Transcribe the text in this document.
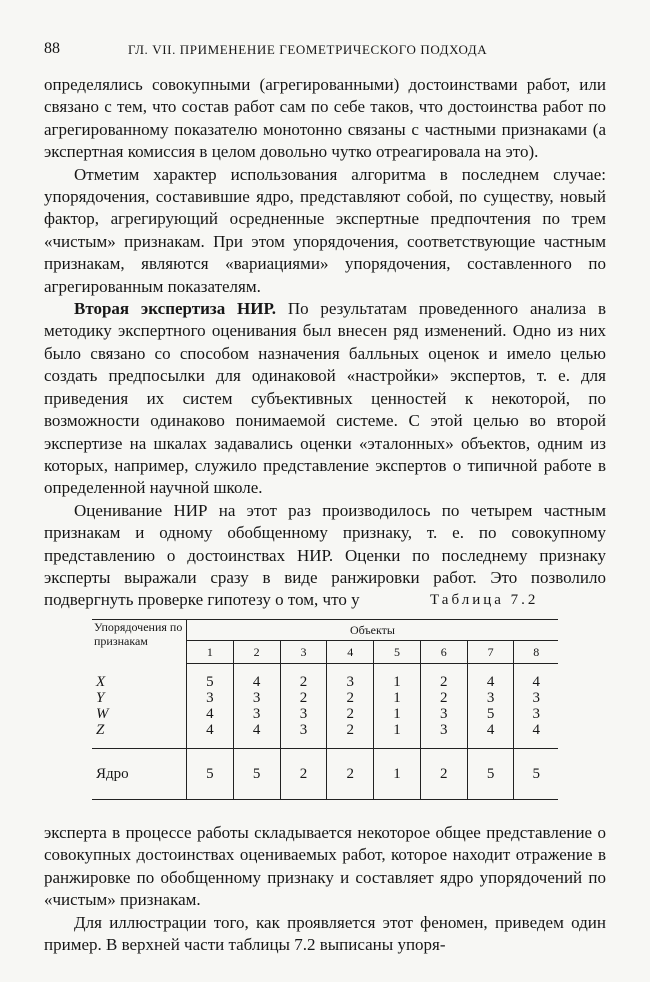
88	ГЛ. VII. ПРИМЕНЕНИЕ ГЕОМЕТРИЧЕСКОГО ПОДХОДА

определялись совокупными (агрегированными) достоинствами работ, или связано с тем, что состав работ сам по себе таков, что достоинства работ по агрегированному показателю монотонно связаны с частными признаками (а экспертная комиссия в целом довольно чутко отреагировала на это).

Отметим характер использования алгоритма в последнем случае: упорядочения, составившие ядро, представляют собой, по существу, новый фактор, агрегирующий осредненные экспертные предпочтения по трем «чистым» признакам. При этом упорядочения, соответствующие частным признакам, являются «вариациями» упорядочения, составленного по агрегированным показателям.

Вторая экспертиза НИР. По результатам проведенного анализа в методику экспертного оценивания был внесен ряд изменений. Одно из них было связано со способом назначения балльных оценок и имело целью создать предпосылки для одинаковой «настройки» экспертов, т. е. для приведения их систем субъективных ценностей к некоторой, по возможности одинаково понимаемой системе. С этой целью во второй экспертизе на шкалах задавались оценки «эталонных» объектов, одним из которых, например, служило представление экспертов о типичной работе в определенной научной школе.

Оценивание НИР на этот раз производилось по четырем частным признакам и одному обобщенному признаку, т. е. по совокупному представлению о достоинствах НИР. Оценки по последнему признаку эксперты выражали сразу в виде ранжировки работ. Это позволило подвергнуть проверке гипотезу о том, что у	Таблица 7.2
Упорядочения по признакам	Объекты							
	1	2	3	4	5	6	7	8

X	5	4	2	3	1	2	4	4
Y	3	3	2	2	1	2	3	3
W	4	3	3	2	1	3	5	3
Z	4	4	3	2	1	3	4	4

Ядро	5	5	2	2	1	2	5	5

эксперта в процессе работы складывается некоторое общее представление о совокупных достоинствах оцениваемых работ, которое находит отражение в ранжировке по обобщенному признаку и составляет ядро упорядочений по «чистым» признакам.

Для иллюстрации того, как проявляется этот феномен, приведем один пример. В верхней части таблицы 7.2 выписаны упоря-
